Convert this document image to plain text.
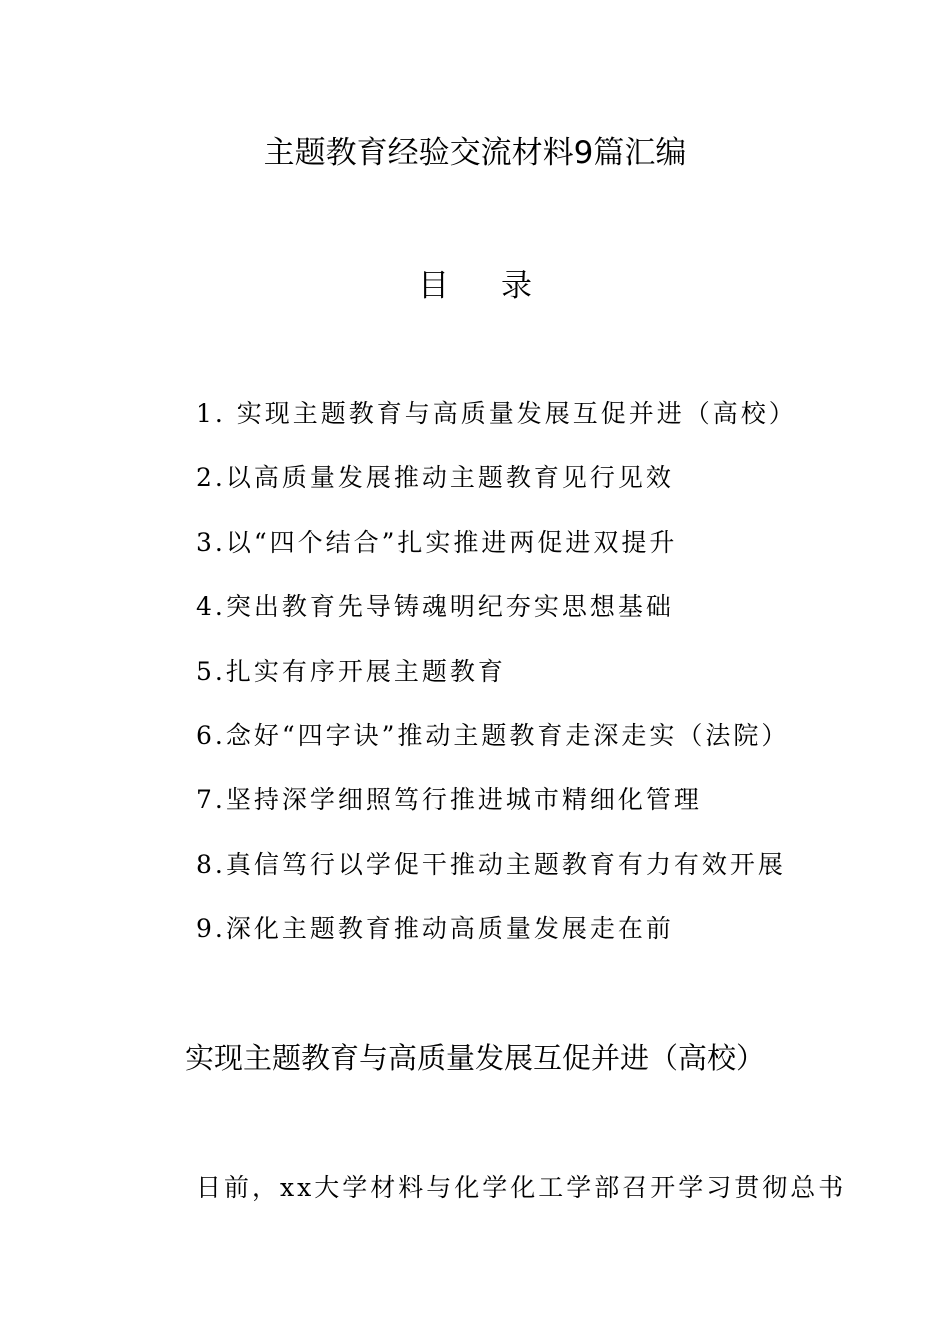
主题教育经验交流材料9篇汇编
目 录
1. 实现主题教育与高质量发展互促并进（高校）
2.以高质量发展推动主题教育见行见效
3.以“四个结合”扎实推进两促进双提升
4.突出教育先导铸魂明纪夯实思想基础
5.扎实有序开展主题教育
6.念好“四字诀”推动主题教育走深走实（法院）
7.坚持深学细照笃行推进城市精细化管理
8.真信笃行以学促干推动主题教育有力有效开展
9.深化主题教育推动高质量发展走在前
实现主题教育与高质量发展互促并进（高校）

日前，xx大学材料与化学化工学部召开学习贯彻总书
